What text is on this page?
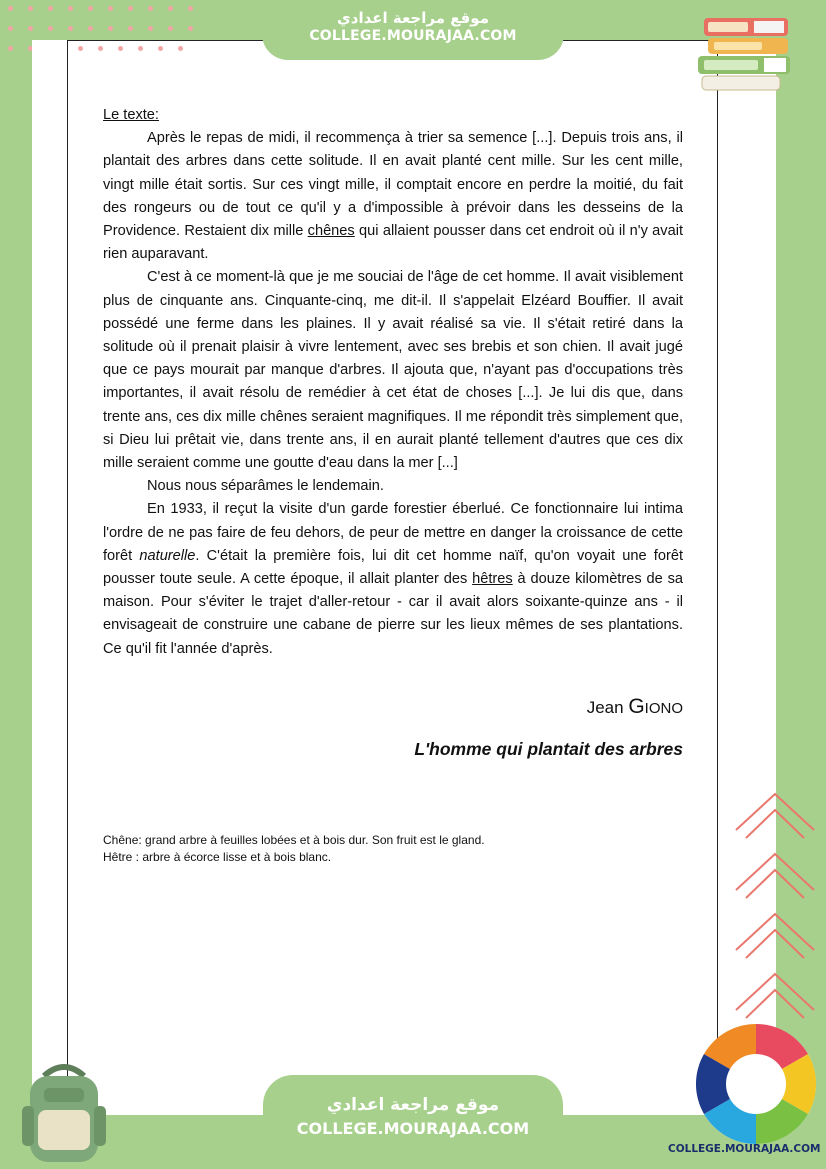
موقع مراجعة اعدادي
COLLEGE.MOURAJAA.COM

Le texte:

Après le repas de midi, il recommença à trier sa semence [...]. Depuis trois ans, il plantait des arbres dans cette solitude. Il en avait planté cent mille. Sur les cent mille, vingt mille était sortis. Sur ces vingt mille, il comptait encore en perdre la moitié, du fait des rongeurs ou de tout ce qu'il y a d'impossible à prévoir dans les desseins de la Providence. Restaient dix mille chênes qui allaient pousser dans cet endroit où il n'y avait rien auparavant.

C'est à ce moment-là que je me souciai de l'âge de cet homme. Il avait visiblement plus de cinquante ans. Cinquante-cinq, me dit-il. Il s'appelait Elzéard Bouffier. Il avait possédé une ferme dans les plaines. Il y avait réalisé sa vie. Il s'était retiré dans la solitude où il prenait plaisir à vivre lentement, avec ses brebis et son chien. Il avait jugé que ce pays mourait par manque d'arbres. Il ajouta que, n'ayant pas d'occupations très importantes, il avait résolu de remédier à cet état de choses [...]. Je lui dis que, dans trente ans, ces dix mille chênes seraient magnifiques. Il me répondit très simplement que, si Dieu lui prêtait vie, dans trente ans, il en aurait planté tellement d'autres que ces dix mille seraient comme une goutte d'eau dans la mer [...]

Nous nous séparâmes le lendemain.

En 1933, il reçut la visite d'un garde forestier éberlué. Ce fonctionnaire lui intima l'ordre de ne pas faire de feu dehors, de peur de mettre en danger la croissance de cette forêt naturelle. C'était la première fois, lui dit cet homme naïf, qu'on voyait une forêt pousser toute seule. A cette époque, il allait planter des hêtres à douze kilomètres de sa maison. Pour s'éviter le trajet d'aller-retour - car il avait alors soixante-quinze ans - il envisageait de construire une cabane de pierre sur les lieux mêmes de ses plantations. Ce qu'il fit l'année d'après.

Jean GIONO
L'homme qui plantait des arbres
Chêne: grand arbre à feuilles lobées et à bois dur. Son fruit est le gland.
Hêtre : arbre à écorce lisse et à bois blanc.
COLLEGE.MOURAJAA.COM
موقع مراجعة اعدادي
COLLEGE.MOURAJAA.COM
